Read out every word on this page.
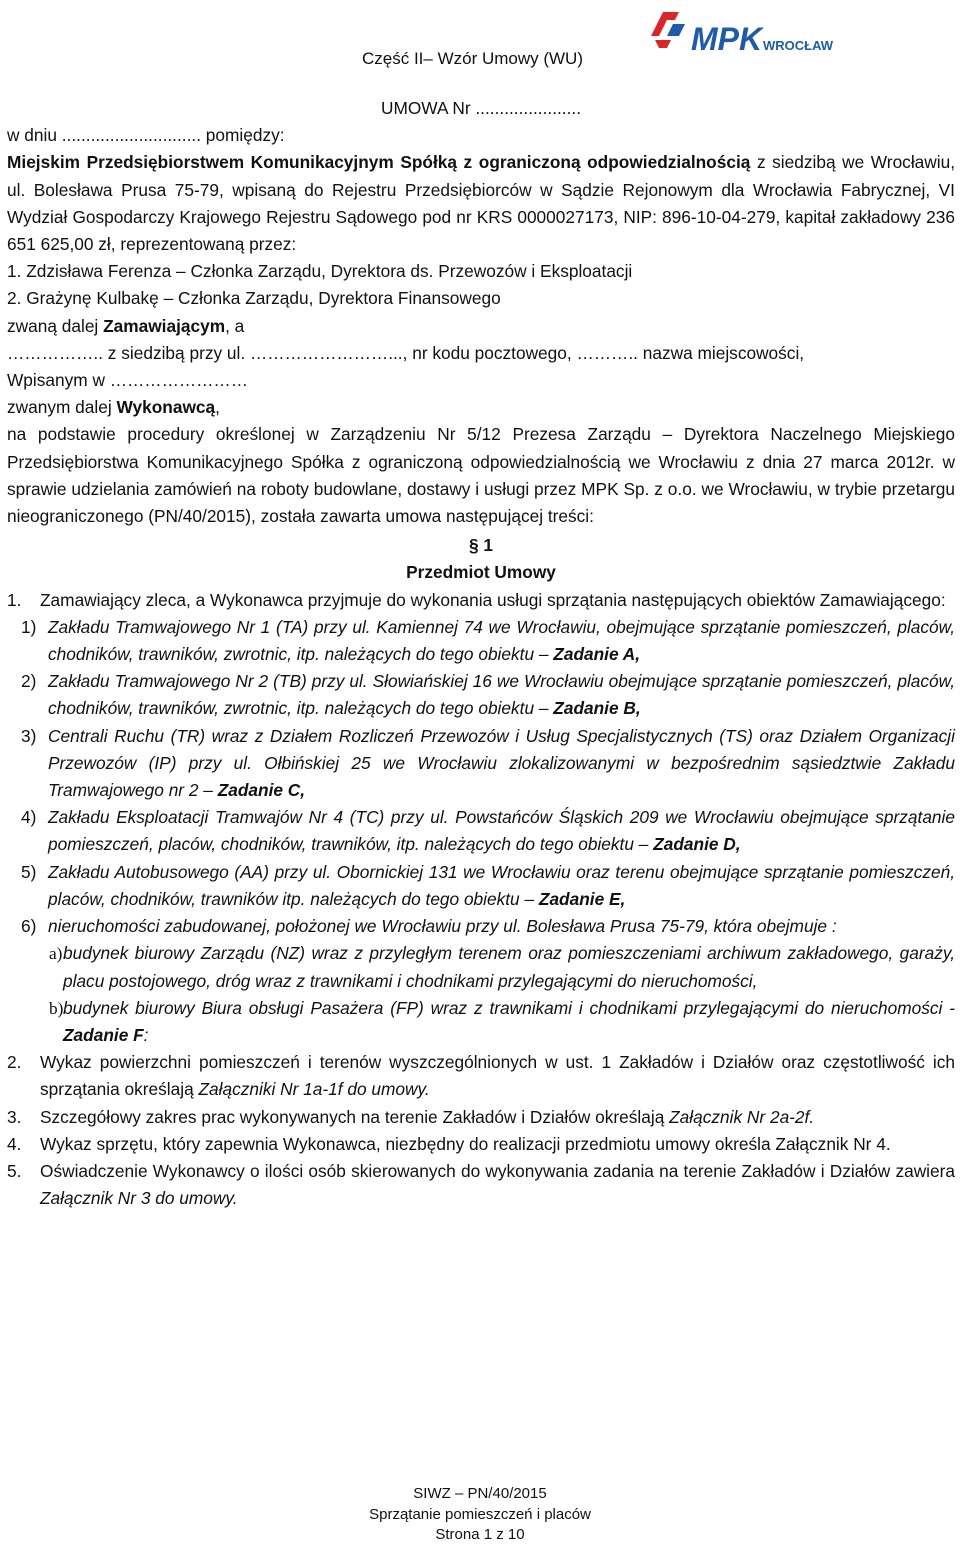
Część II– Wzór Umowy (WU)
MPK WROCŁAW

UMOWA Nr ......................

w dniu ............................. pomiędzy:

Miejskim Przedsiębiorstwem Komunikacyjnym Spółką z ograniczoną odpowiedzialnością z siedzibą we Wrocławiu, ul. Bolesława Prusa 75-79, wpisaną do Rejestru Przedsiębiorców w Sądzie Rejonowym dla Wrocławia Fabrycznej, VI Wydział Gospodarczy Krajowego Rejestru Sądowego pod nr KRS 0000027173, NIP: 896-10-04-279, kapitał zakładowy 236 651 625,00 zł, reprezentowaną przez:

1. Zdzisława Ferenza – Członka Zarządu, Dyrektora ds. Przewozów i Eksploatacji

2. Grażynę Kulbakę – Członka Zarządu, Dyrektora Finansowego

zwaną dalej Zamawiającym, a

…………….. z siedzibą przy ul. ……………………..., nr kodu pocztowego, ……….. nazwa miejscowości,

Wpisanym w ……………………

zwanym dalej Wykonawcą,

na podstawie procedury określonej w Zarządzeniu Nr 5/12 Prezesa Zarządu – Dyrektora Naczelnego Miejskiego Przedsiębiorstwa Komunikacyjnego Spółka z ograniczoną odpowiedzialnością we Wrocławiu z dnia 27 marca 2012r. w sprawie udzielania zamówień na roboty budowlane, dostawy i usługi przez MPK Sp. z o.o. we Wrocławiu, w trybie przetargu nieograniczonego (PN/40/2015), została zawarta umowa następującej treści:

§ 1

Przedmiot Umowy

1.	Zamawiający zleca, a Wykonawca przyjmuje do wykonania usługi sprzątania następujących obiektów Zamawiającego:
1) Zakładu Tramwajowego Nr 1 (TA) przy ul. Kamiennej 74 we Wrocławiu, obejmujące sprzątanie pomieszczeń, placów, chodników, trawników, zwrotnic, itp. należących do tego obiektu – Zadanie A,
2) Zakładu Tramwajowego Nr 2 (TB) przy ul. Słowiańskiej 16 we Wrocławiu obejmujące sprzątanie pomieszczeń, placów, chodników, trawników, zwrotnic, itp. należących do tego obiektu – Zadanie B,
3) Centrali Ruchu (TR) wraz z Działem Rozliczeń Przewozów i Usług Specjalistycznych (TS) oraz Działem Organizacji Przewozów (IP) przy ul. Ołbińskiej 25 we Wrocławiu zlokalizowanymi w bezpośrednim sąsiedztwie Zakładu Tramwajowego nr 2 – Zadanie C,
4) Zakładu Eksploatacji Tramwajów Nr 4 (TC) przy ul. Powstańców Śląskich 209 we Wrocławiu obejmujące sprzątanie pomieszczeń, placów, chodników, trawników, itp. należących do tego obiektu – Zadanie D,
5) Zakładu Autobusowego (AA) przy ul. Obornickiej 131 we Wrocławiu oraz terenu obejmujące sprzątanie pomieszczeń, placów, chodników, trawników itp. należących do tego obiektu – Zadanie E,
6) nieruchomości zabudowanej, położonej we Wrocławiu przy ul. Bolesława Prusa 75-79, która obejmuje :
a) budynek biurowy Zarządu (NZ) wraz z przyległym terenem oraz pomieszczeniami archiwum zakładowego, garaży, placu postojowego, dróg wraz z trawnikami i chodnikami przylegającymi do nieruchomości,
b) budynek biurowy Biura obsługi Pasażera (FP) wraz z trawnikami i chodnikami przylegającymi do nieruchomości - Zadanie F:
2.	Wykaz powierzchni pomieszczeń i terenów wyszczególnionych w ust. 1 Zakładów i Działów oraz częstotliwość ich sprzątania określają Załączniki Nr 1a-1f do umowy.
3.	Szczegółowy zakres prac wykonywanych na terenie Zakładów i Działów określają Załącznik Nr 2a-2f.
4.	Wykaz sprzętu, który zapewnia Wykonawca, niezbędny do realizacji przedmiotu umowy określa Załącznik Nr 4.
5.	Oświadczenie Wykonawcy o ilości osób skierowanych do wykonywania zadania na terenie Zakładów i Działów zawiera Załącznik Nr 3 do umowy.
SIWZ – PN/40/2015
Sprzątanie pomieszczeń i placów
Strona 1 z 10
